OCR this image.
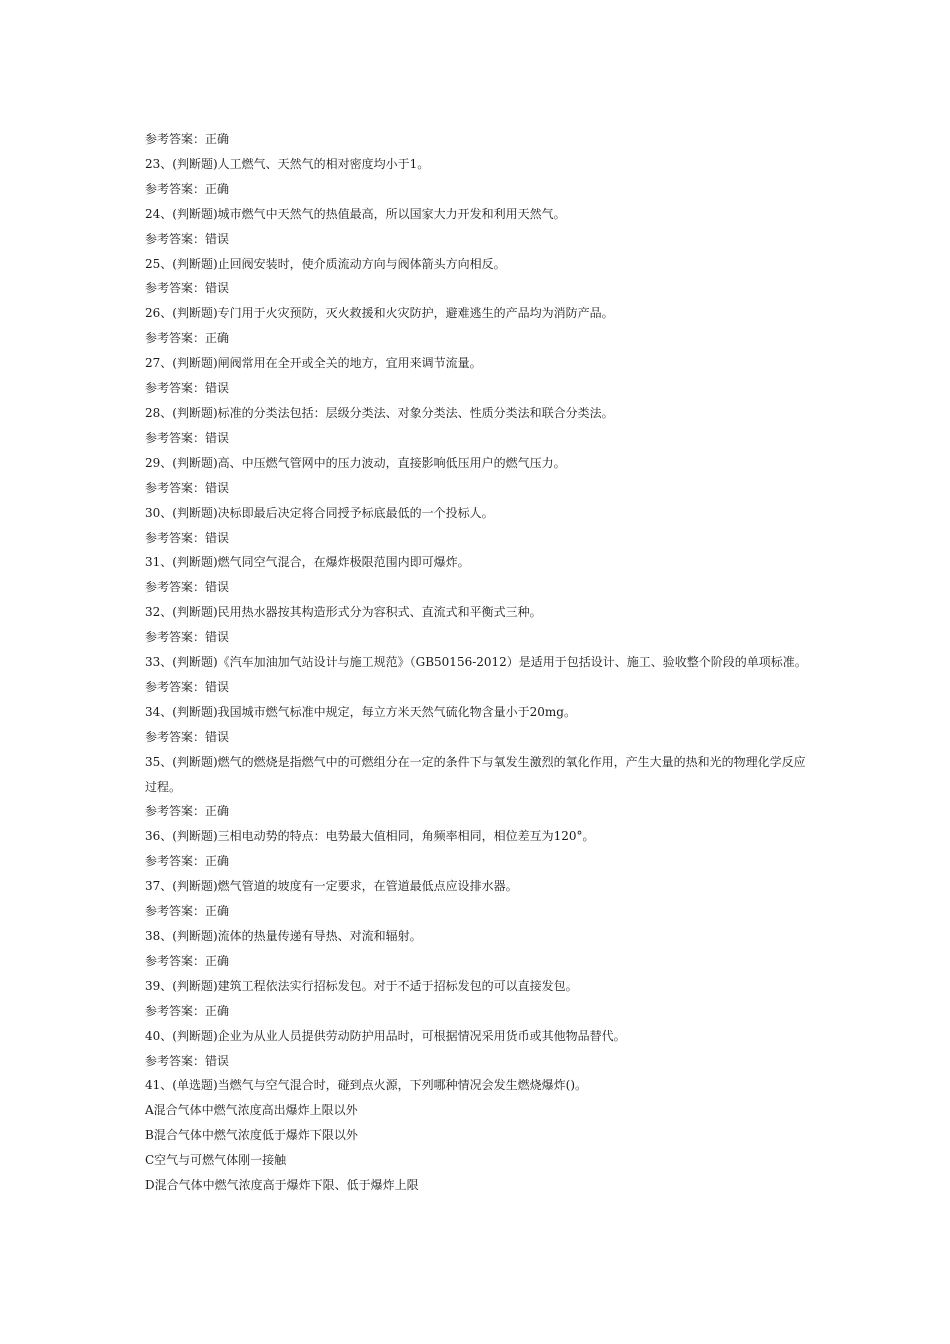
参考答案：正确

23、(判断题)人工燃气、天然气的相对密度均小于1。

参考答案：正确

24、(判断题)城市燃气中天然气的热值最高，所以国家大力开发和利用天然气。

参考答案：错误

25、(判断题)止回阀安装时，使介质流动方向与阀体箭头方向相反。

参考答案：错误

26、(判断题)专门用于火灾预防，灭火救援和火灾防护，避难逃生的产品均为消防产品。

参考答案：正确

27、(判断题)闸阀常用在全开或全关的地方，宜用来调节流量。

参考答案：错误

28、(判断题)标准的分类法包括：层级分类法、对象分类法、性质分类法和联合分类法。

参考答案：错误

29、(判断题)高、中压燃气管网中的压力波动，直接影响低压用户的燃气压力。

参考答案：错误

30、(判断题)决标即最后决定将合同授予标底最低的一个投标人。

参考答案：错误

31、(判断题)燃气同空气混合，在爆炸极限范围内即可爆炸。

参考答案：错误

32、(判断题)民用热水器按其构造形式分为容积式、直流式和平衡式三种。

参考答案：错误

33、(判断题)《汽车加油加气站设计与施工规范》（GB50156-2012）是适用于包括设计、施工、验收整个阶段的单项标准。

参考答案：错误

34、(判断题)我国城市燃气标准中规定，每立方米天然气硫化物含量小于20mg。

参考答案：错误

35、(判断题)燃气的燃烧是指燃气中的可燃组分在一定的条件下与氧发生激烈的氧化作用，产生大量的热和光的物理化学反应过程。

参考答案：正确

36、(判断题)三相电动势的特点：电势最大值相同，角频率相同，相位差互为120°。

参考答案：正确

37、(判断题)燃气管道的坡度有一定要求，在管道最低点应设排水器。

参考答案：正确

38、(判断题)流体的热量传递有导热、对流和辐射。

参考答案：正确

39、(判断题)建筑工程依法实行招标发包。对于不适于招标发包的可以直接发包。

参考答案：正确

40、(判断题)企业为从业人员提供劳动防护用品时，可根据情况采用货币或其他物品替代。

参考答案：错误

41、(单选题)当燃气与空气混合时，碰到点火源，下列哪种情况会发生燃烧爆炸()。

A混合气体中燃气浓度高出爆炸上限以外

B混合气体中燃气浓度低于爆炸下限以外

C空气与可燃气体刚一接触

D混合气体中燃气浓度高于爆炸下限、低于爆炸上限
